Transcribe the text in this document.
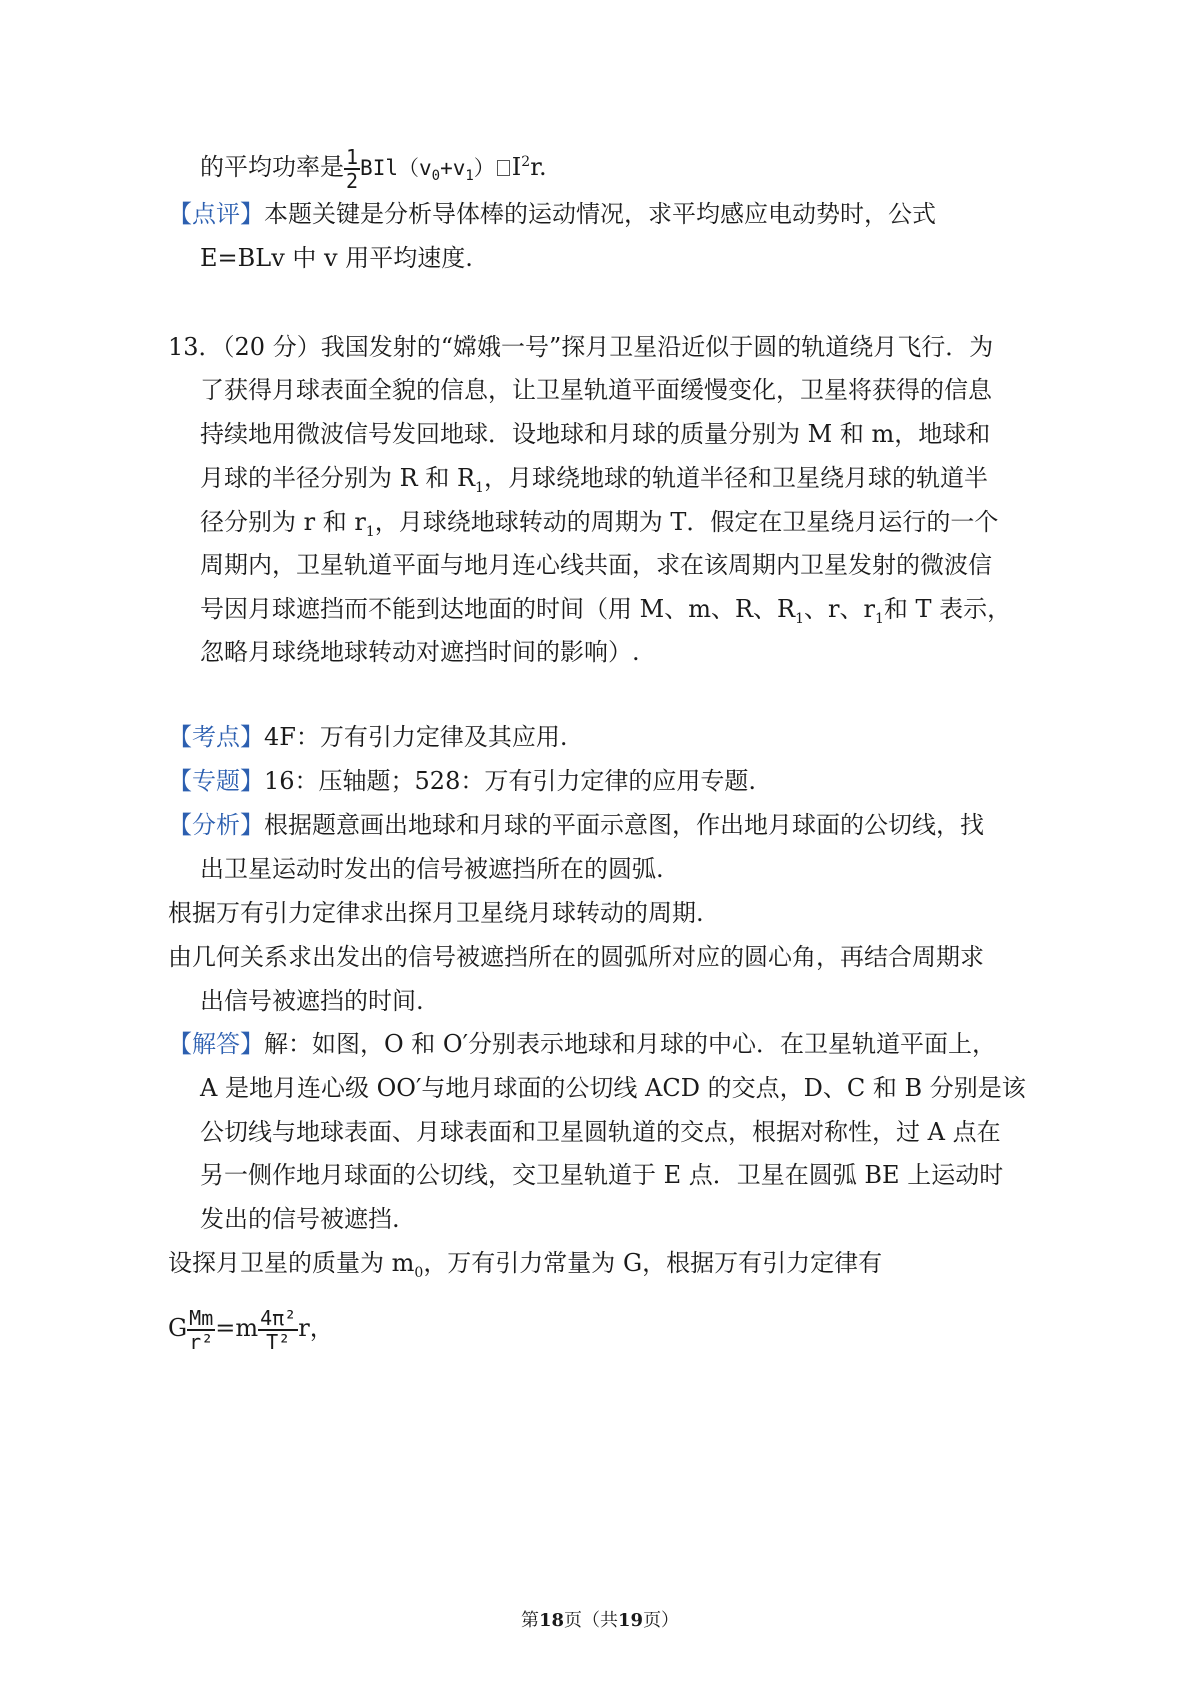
的平均功率是 $\frac{1}{2} BIl(v_0+v_1)$ $I^2r$.
【点评】本题关键是分析导体棒的运动情况，求平均感应电动势时，公式
E=BLv 中 v 用平均速度.
13．（20 分）我国发射的“嫦娥一号”探月卫星沿近似于圆的轨道绕月飞行．为
了获得月球表面全貌的信息，让卫星轨道平面缓慢变化，卫星将获得的信息
持续地用微波信号发回地球．设地球和月球的质量分别为 M 和 m，地球和
月球的半径分别为 R 和 $R_1$，月球绕地球的轨道半径和卫星绕月球的轨道半
径分别为 r 和 $r_1$，月球绕地球转动的周期为 T．假定在卫星绕月运行的一个
周期内，卫星轨道平面与地月连心线共面，求在该周期内卫星发射的微波信
号因月球遮挡而不能到达地面的时间（用 M、m、R、$R_1$、r、$r_1$和 T 表示，
忽略月球绕地球转动对遮挡时间的影响）.
【考点】4F：万有引力定律及其应用.
【专题】16：压轴题；528：万有引力定律的应用专题.
【分析】根据题意画出地球和月球的平面示意图，作出地月球面的公切线，找
出卫星运动时发出的信号被遮挡所在的圆弧.
根据万有引力定律求出探月卫星绕月球转动的周期.
由几何关系求出发出的信号被遮挡所在的圆弧所对应的圆心角，再结合周期求
出信号被遮挡的时间.
【解答】解：如图，O 和 O′分别表示地球和月球的中心．在卫星轨道平面上，
A 是地月连心级 OO′与地月球面的公切线 ACD 的交点，D、C 和 B 分别是该
公切线与地球表面、月球表面和卫星圆轨道的交点，根据对称性，过 A 点在
另一侧作地月球面的公切线，交卫星轨道于 E 点．卫星在圆弧 BE 上运动时
发出的信号被遮挡.
设探月卫星的质量为 $m_0$，万有引力常量为 G，根据万有引力定律有
G $\frac{Mm}{\text{r²}} =m \frac{\text{4π²}}{\text{T²}}$ r，
第18页（共19页）
